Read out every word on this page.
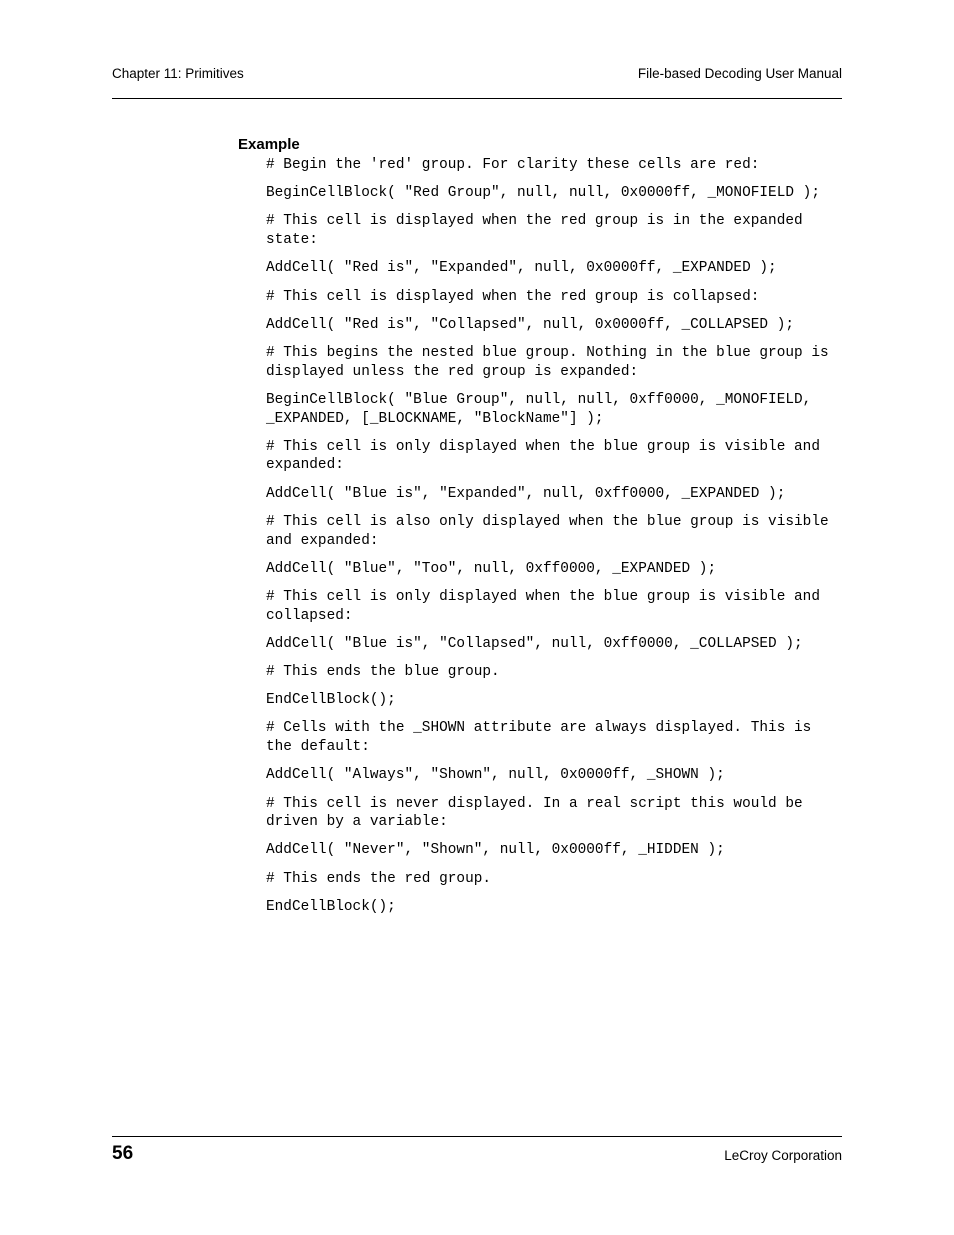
Chapter 11: Primitives	File-based Decoding User Manual
Example

# Begin the 'red' group. For clarity these cells are red:

BeginCellBlock( "Red Group", null, null, 0x0000ff, _MONOFIELD );

# This cell is displayed when the red group is in the expanded state:

AddCell( "Red is", "Expanded", null, 0x0000ff, _EXPANDED );

# This cell is displayed when the red group is collapsed:

AddCell( "Red is", "Collapsed", null, 0x0000ff, _COLLAPSED );

# This begins the nested blue group. Nothing in the blue group is displayed unless the red group is expanded:

BeginCellBlock( "Blue Group", null, null, 0xff0000, _MONOFIELD, _EXPANDED, [_BLOCKNAME, "BlockName"] );

# This cell is only displayed when the blue group is visible and expanded:

AddCell( "Blue is", "Expanded", null, 0xff0000, _EXPANDED );

# This cell is also only displayed when the blue group is visible and expanded:

AddCell( "Blue", "Too", null, 0xff0000, _EXPANDED );

# This cell is only displayed when the blue group is visible and collapsed:

AddCell( "Blue is", "Collapsed", null, 0xff0000, _COLLAPSED );

# This ends the blue group.

EndCellBlock();

# Cells with the _SHOWN attribute are always displayed. This is the default:

AddCell( "Always", "Shown", null, 0x0000ff, _SHOWN );

# This cell is never displayed. In a real script this would be driven by a variable:

AddCell( "Never", "Shown", null, 0x0000ff, _HIDDEN );

# This ends the red group.

EndCellBlock();

56	LeCroy Corporation
